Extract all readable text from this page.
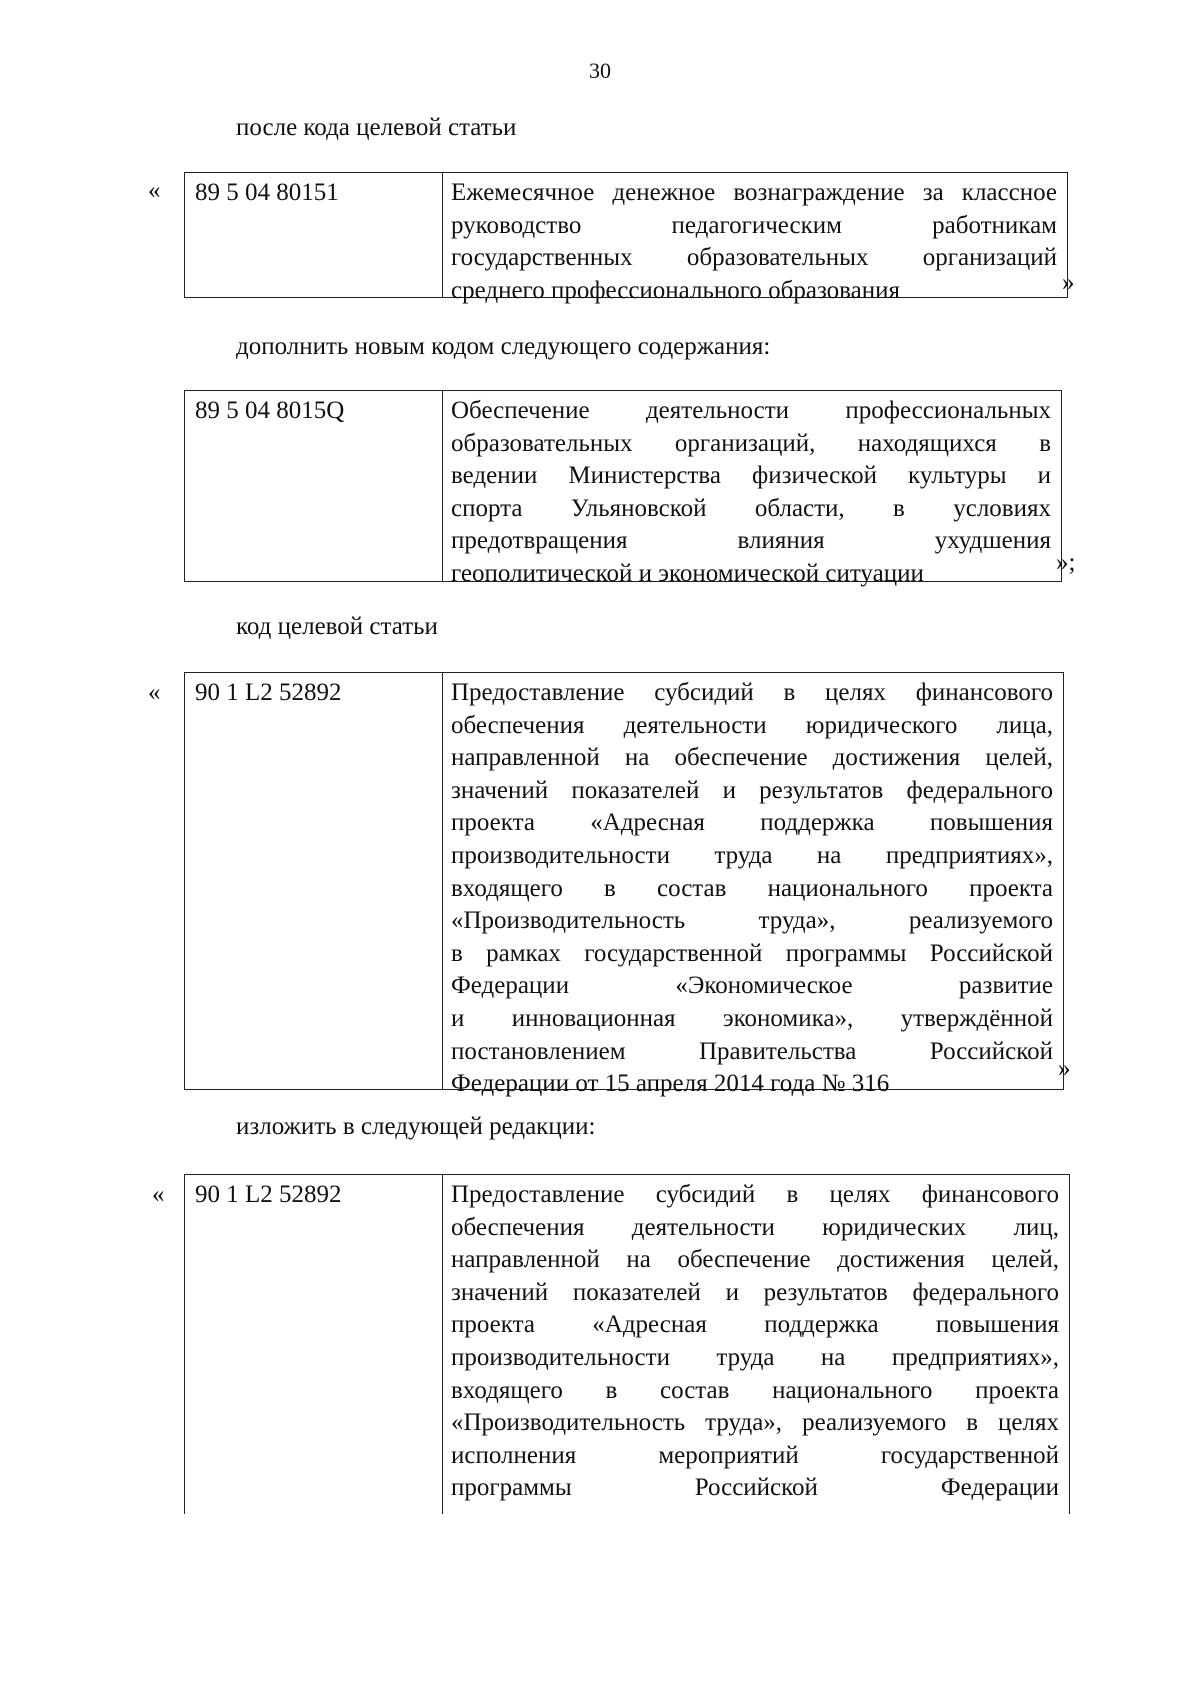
30
после кода целевой статьи
«	89 5 04 80151	Ежемесячное денежное вознаграждение за классное
руководство педагогическим работникам
государственных образовательных организаций
среднего профессионального образования	»
дополнить новым кодом следующего содержания:
89 5 04 8015Q	Обеспечение деятельности профессиональных
образовательных организаций, находящихся в
ведении Министерства физической культуры и
спорта Ульяновской области, в условиях
предотвращения влияния ухудшения
геополитической и экономической ситуации	»;
код целевой статьи
«	90 1 L2 52892	Предоставление субсидий в целях финансового
обеспечения деятельности юридического лица,
направленной на обеспечение достижения целей,
значений показателей и результатов федерального
проекта «Адресная поддержка повышения
производительности труда на предприятиях»,
входящего в состав национального проекта
«Производительность труда», реализуемого
в рамках государственной программы Российской
Федерации «Экономическое развитие
и инновационная экономика», утверждённой
постановлением Правительства Российской
Федерации от 15 апреля 2014 года № 316
»
изложить в следующей редакции:
«	90 1 L2 52892	Предоставление субсидий в целях финансового
обеспечения деятельности юридических лиц,
направленной на обеспечение достижения целей,
значений показателей и результатов федерального
проекта «Адресная поддержка повышения
производительности труда на предприятиях»,
входящего в состав национального проекта
«Производительность труда», реализуемого в целях
исполнения мероприятий государственной
программы Российской Федерации
